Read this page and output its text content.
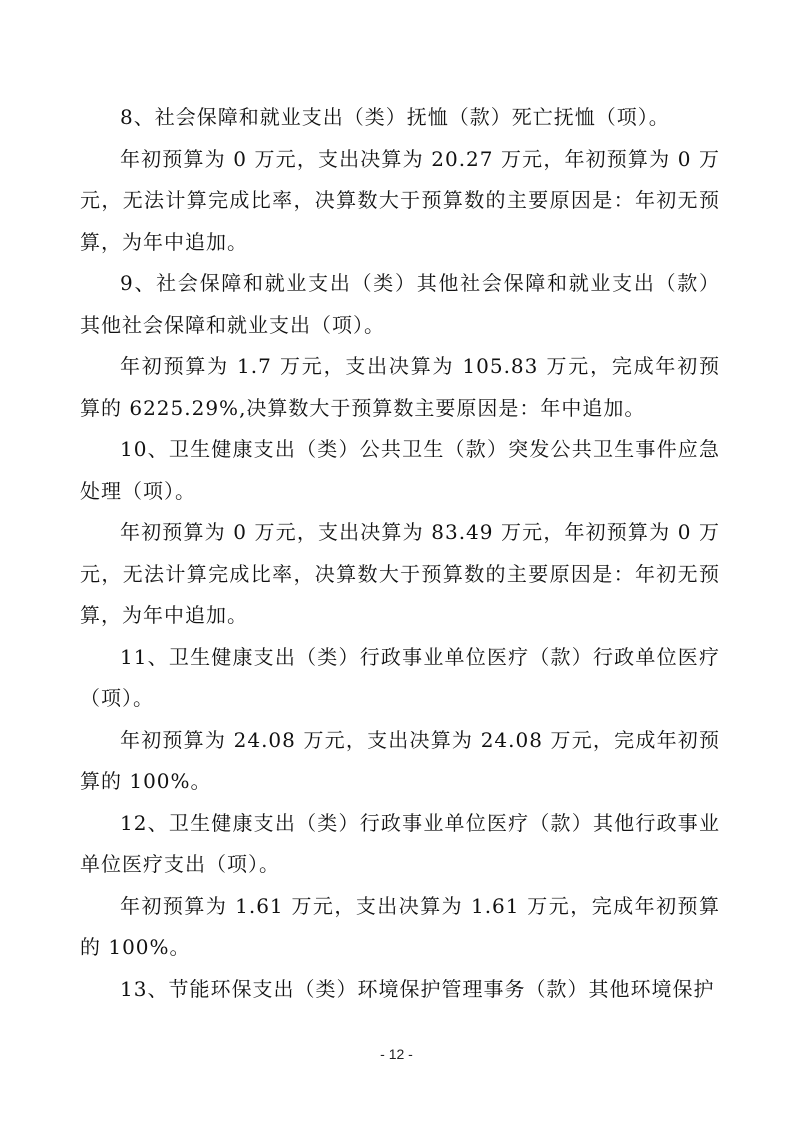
8、社会保障和就业支出（类）抚恤（款）死亡抚恤（项）。

年初预算为 0 万元，支出决算为 20.27 万元，年初预算为 0 万元，无法计算完成比率，决算数大于预算数的主要原因是：年初无预算，为年中追加。

9、社会保障和就业支出（类）其他社会保障和就业支出（款）其他社会保障和就业支出（项）。

年初预算为 1.7 万元，支出决算为 105.83 万元，完成年初预算的 6225.29%,决算数大于预算数主要原因是：年中追加。

10、卫生健康支出（类）公共卫生（款）突发公共卫生事件应急处理（项）。

年初预算为 0 万元，支出决算为 83.49 万元，年初预算为 0 万元，无法计算完成比率，决算数大于预算数的主要原因是：年初无预算，为年中追加。

11、卫生健康支出（类）行政事业单位医疗（款）行政单位医疗（项）。

年初预算为 24.08 万元，支出决算为 24.08 万元，完成年初预算的 100%。

12、卫生健康支出（类）行政事业单位医疗（款）其他行政事业单位医疗支出（项）。

年初预算为 1.61 万元，支出决算为 1.61 万元，完成年初预算的 100%。

13、节能环保支出（类）环境保护管理事务（款）其他环境保护

- 12 -
